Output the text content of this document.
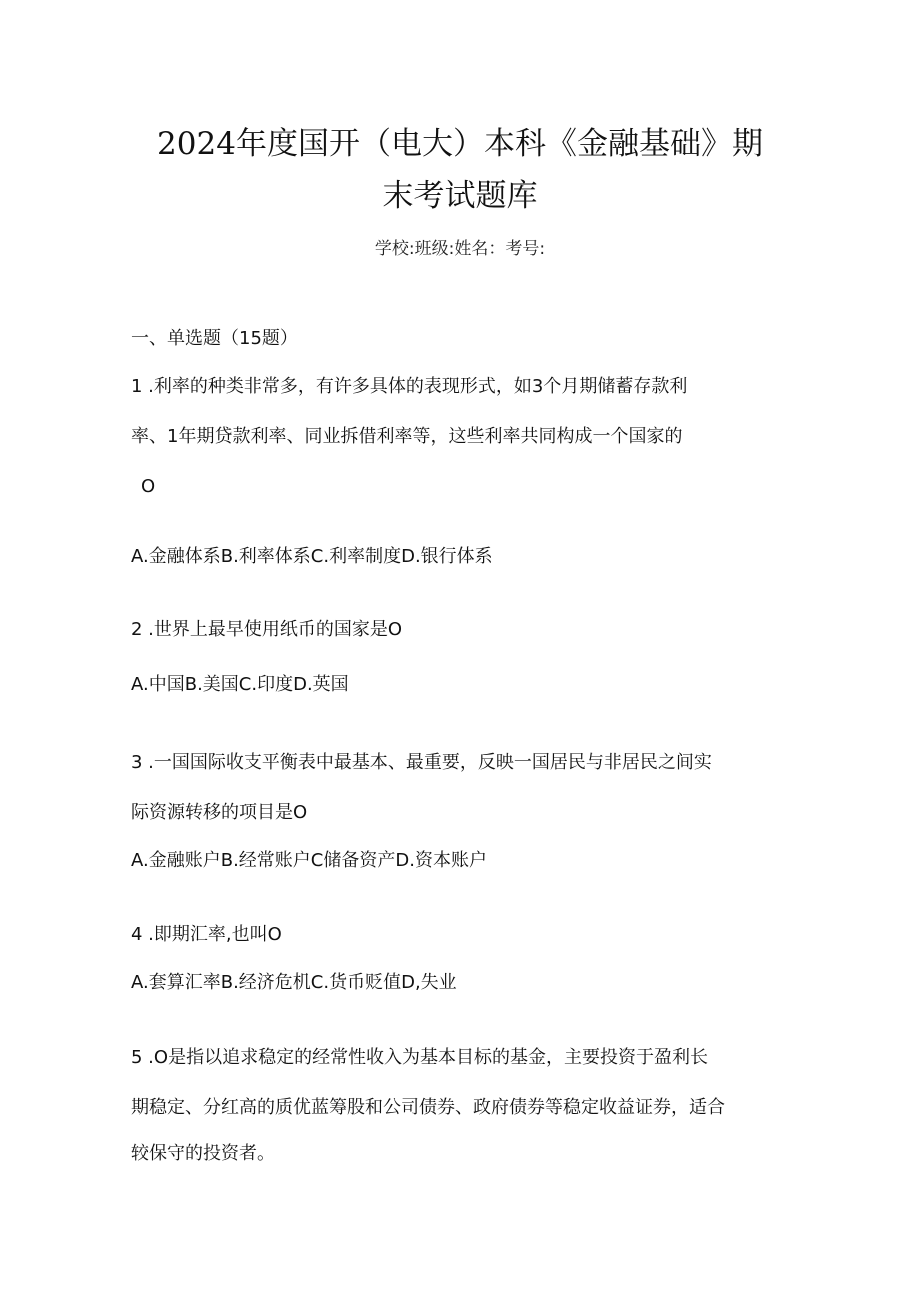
2024年度国开（电大）本科《金融基础》期
末考试题库
学校:班级:姓名：考号:
一、单选题（15题）
1 .利率的种类非常多，有许多具体的表现形式，如3个月期储蓄存款利
率、1年期贷款利率、同业拆借利率等，这些利率共同构成一个国家的
O
A.金融体系B.利率体系C.利率制度D.银行体系
2 .世界上最早使用纸币的国家是O
A.中国B.美国C.印度D.英国
3 .一国国际收支平衡表中最基本、最重要，反映一国居民与非居民之间实
际资源转移的项目是O
A.金融账户B.经常账户C储备资产D.资本账户
4 .即期汇率,也叫O
A.套算汇率B.经济危机C.货币贬值D,失业
5 .O是指以追求稳定的经常性收入为基本目标的基金，主要投资于盈利长
期稳定、分红高的质优蓝筹股和公司债券、政府债券等稳定收益证券，适合
较保守的投资者。
